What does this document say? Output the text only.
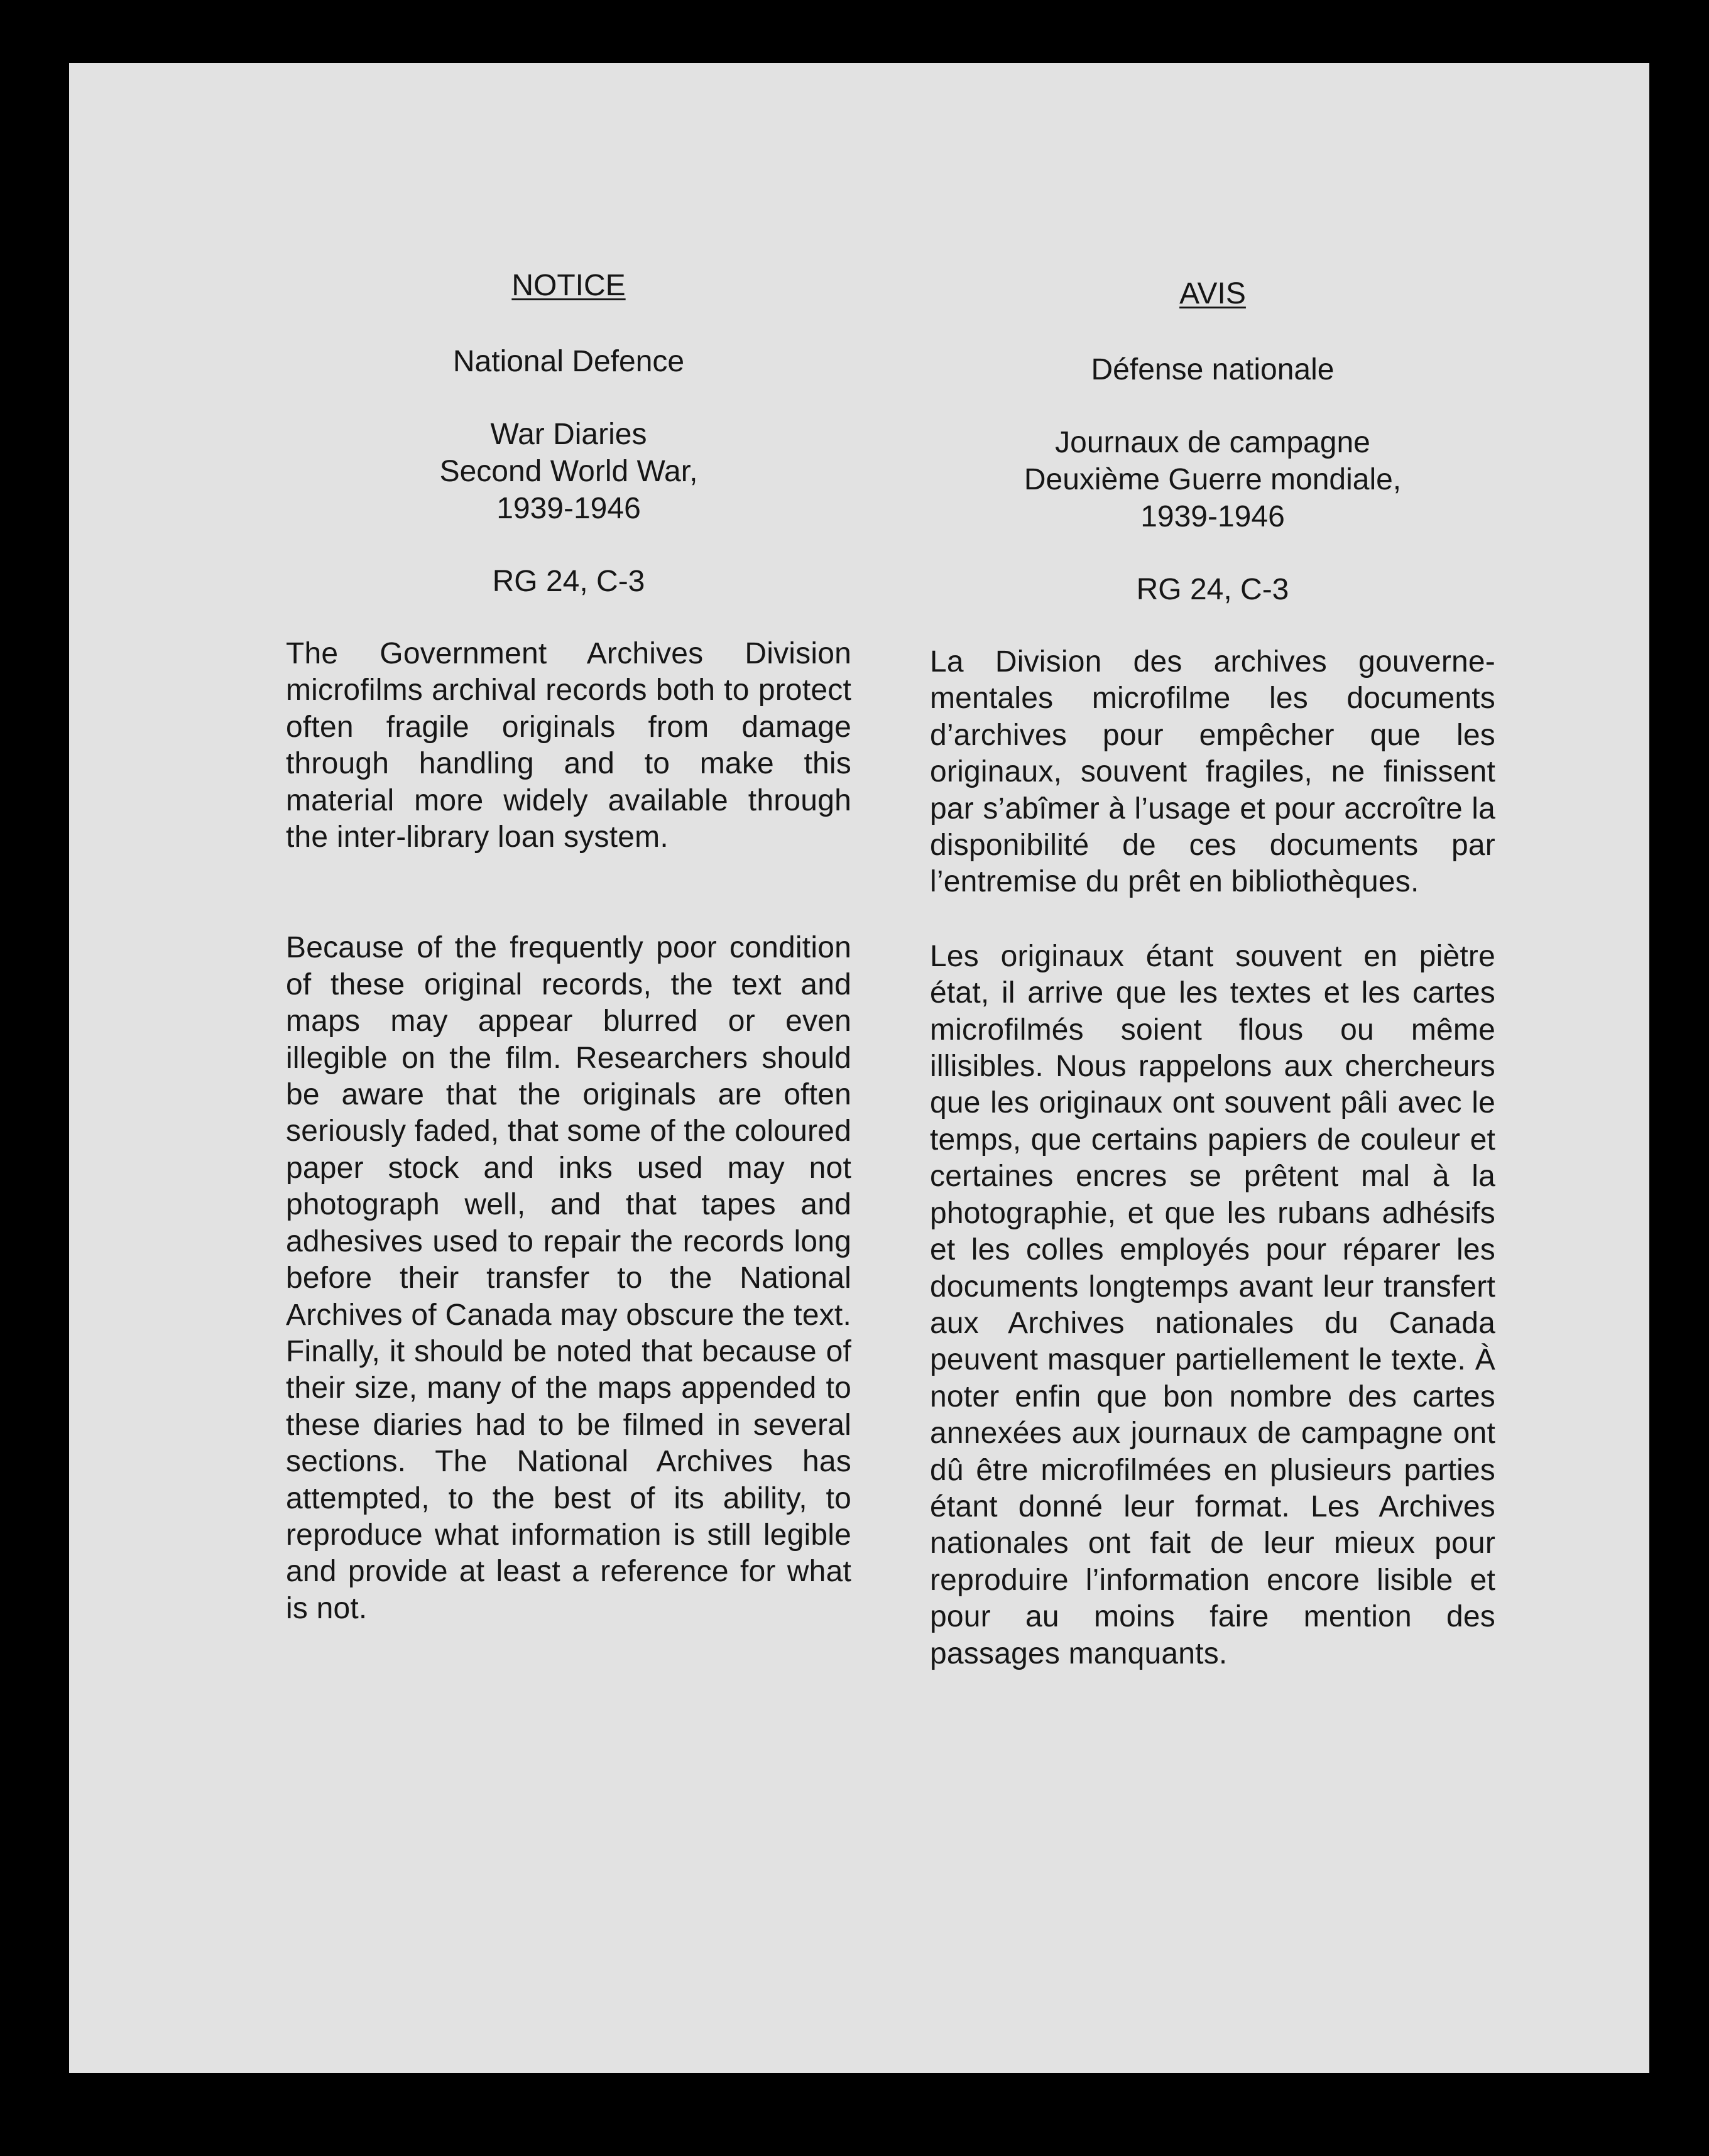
NOTICE

National Defence

War Diaries

Second World War,

1939-1946

RG 24, C-3

The Government Archives Division microfilms archival records both to protect often fragile originals from damage through handling and to make this material more widely available through the inter-library loan system.

Because of the frequently poor condition of these original records, the text and maps may appear blurred or even illegible on the film. Researchers should be aware that the originals are often seriously faded, that some of the coloured paper stock and inks used may not photograph well, and that tapes and adhesives used to repair the records long before their transfer to the National Archives of Canada may obscure the text. Finally, it should be noted that because of their size, many of the maps appended to these diaries had to be filmed in several sections. The National Archives has attempted, to the best of its ability, to reproduce what information is still legible and provide at least a reference for what is not.

AVIS

Défense nationale

Journaux de campagne

Deuxième Guerre mondiale,

1939-1946

RG 24, C-3

La Division des archives gouverne-mentales microfilme les documents d’archives pour empêcher que les originaux, souvent fragiles, ne finissent par s’abîmer à l’usage et pour accroître la disponibilité de ces documents par l’entremise du prêt en bibliothèques.

Les originaux étant souvent en piètre état, il arrive que les textes et les cartes microfilmés soient flous ou même illisibles. Nous rappelons aux chercheurs que les originaux ont souvent pâli avec le temps, que certains papiers de couleur et certaines encres se prêtent mal à la photographie, et que les rubans adhésifs et les colles employés pour réparer les documents longtemps avant leur transfert aux Archives nationales du Canada peuvent masquer partiellement le texte. À noter enfin que bon nombre des cartes annexées aux journaux de campagne ont dû être microfilmées en plusieurs parties étant donné leur format. Les Archives nationales ont fait de leur mieux pour reproduire l’information encore lisible et pour au moins faire mention des passages manquants.
